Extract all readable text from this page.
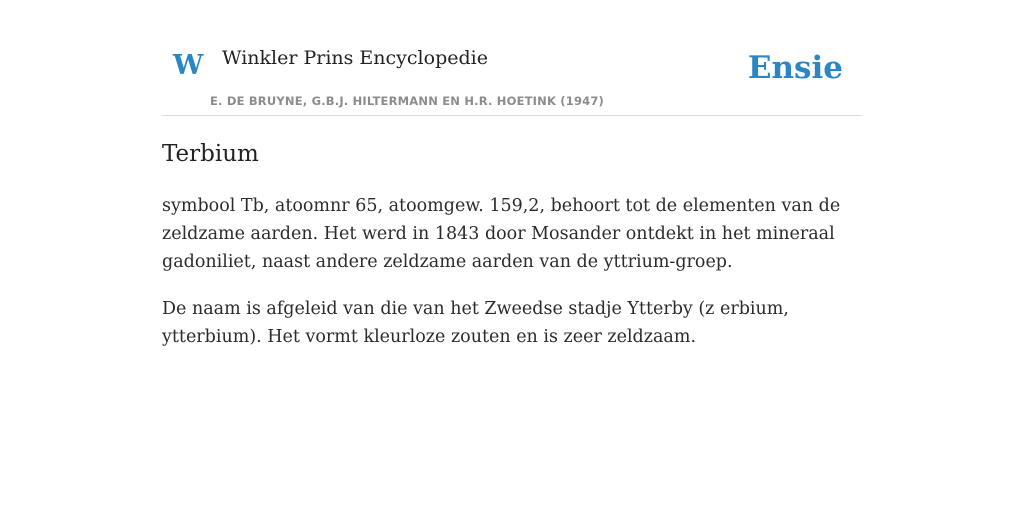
W Winkler Prins Encyclopedie	Ensie
E. DE BRUYNE, G.B.J. HILTERMANN EN H.R. HOETINK (1947)
Terbium

symbool Tb, atoomnr 65, atoomgew. 159,2, behoort tot de elementen van de zeldzame aarden. Het werd in 1843 door Mosander ontdekt in het mineraal gadoniliet, naast andere zeldzame aarden van de yttrium-groep.

De naam is afgeleid van die van het Zweedse stadje Ytterby (z erbium, ytterbium). Het vormt kleurloze zouten en is zeer zeldzaam.
